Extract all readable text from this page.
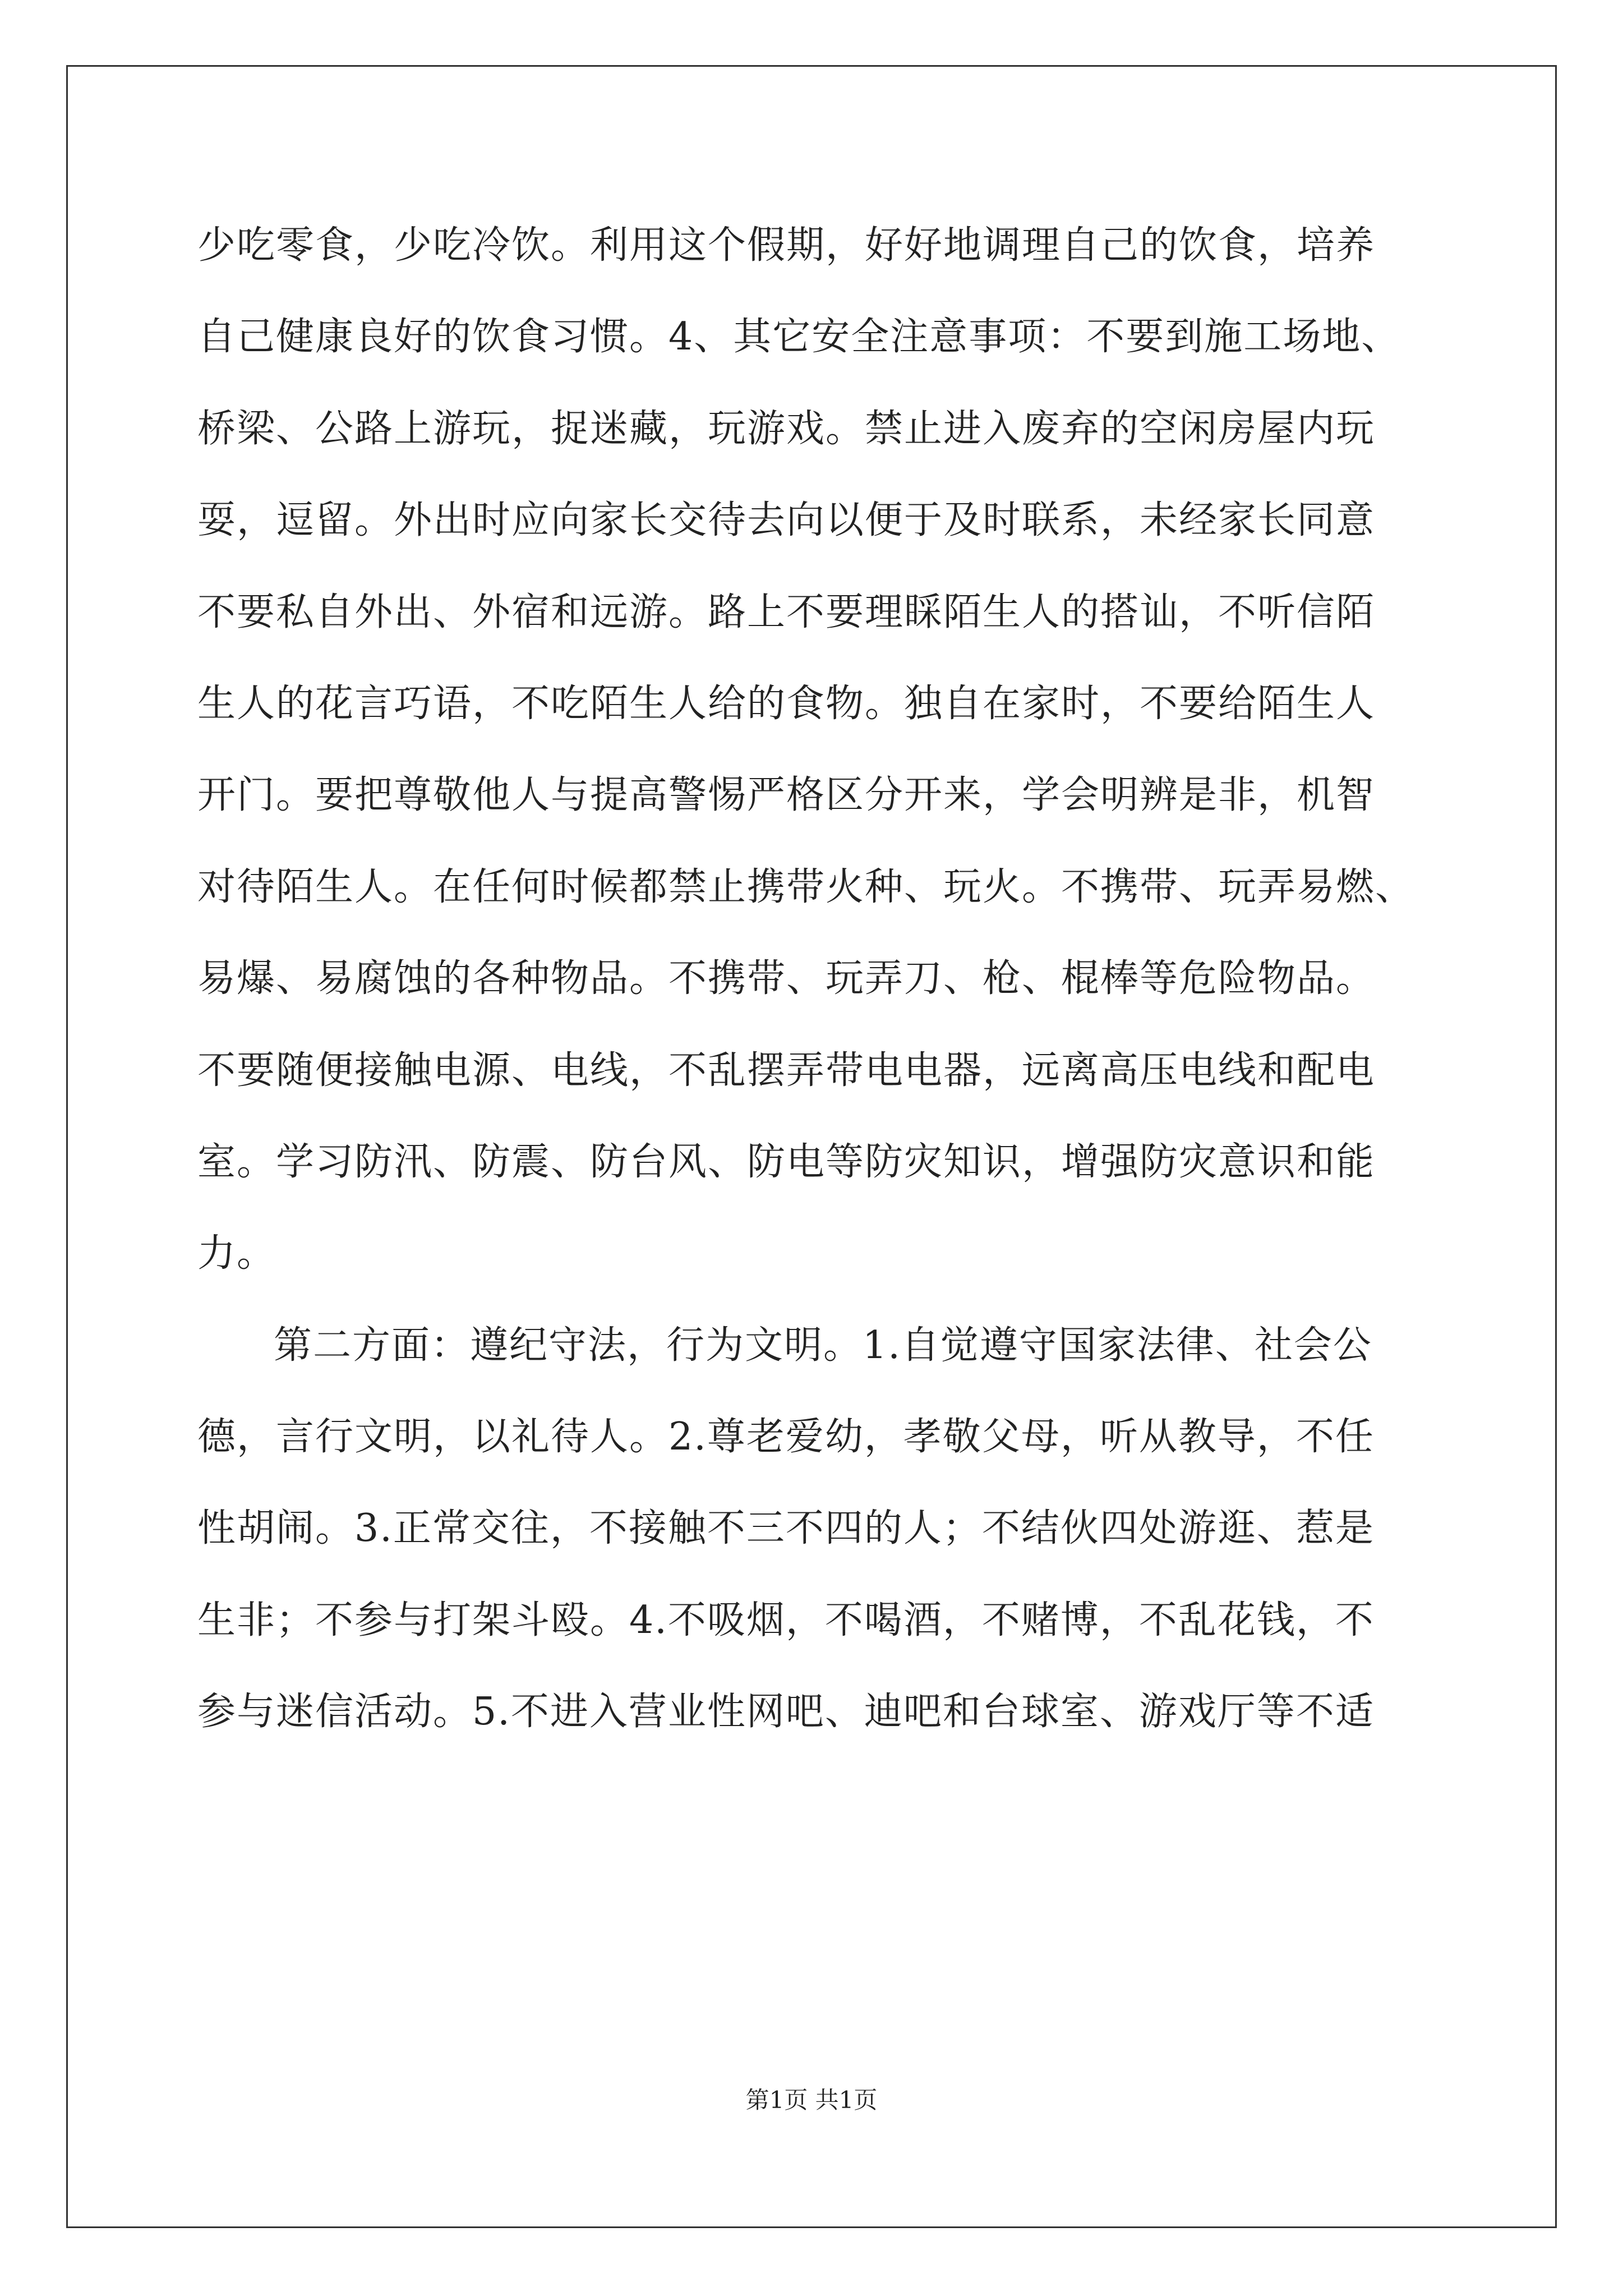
少吃零食，少吃冷饮。利用这个假期，好好地调理自己的饮食，培养
自己健康良好的饮食习惯。4、其它安全注意事项：不要到施工场地、
桥梁、公路上游玩，捉迷藏，玩游戏。禁止进入废弃的空闲房屋内玩
耍，逗留。外出时应向家长交待去向以便于及时联系，未经家长同意
不要私自外出、外宿和远游。路上不要理睬陌生人的搭讪，不听信陌
生人的花言巧语，不吃陌生人给的食物。独自在家时，不要给陌生人
开门。要把尊敬他人与提高警惕严格区分开来，学会明辨是非，机智
对待陌生人。在任何时候都禁止携带火种、玩火。不携带、玩弄易燃、
易爆、易腐蚀的各种物品。不携带、玩弄刀、枪、棍棒等危险物品。
不要随便接触电源、电线，不乱摆弄带电电器，远离高压电线和配电
室。学习防汛、防震、防台风、防电等防灾知识，增强防灾意识和能
力。
第二方面：遵纪守法，行为文明。1.自觉遵守国家法律、社会公
德，言行文明，以礼待人。2.尊老爱幼，孝敬父母，听从教导，不任
性胡闹。3.正常交往，不接触不三不四的人；不结伙四处游逛、惹是
生非；不参与打架斗殴。4.不吸烟，不喝酒，不赌博，不乱花钱，不
参与迷信活动。5.不进入营业性网吧、迪吧和台球室、游戏厅等不适
第1页 共1页
